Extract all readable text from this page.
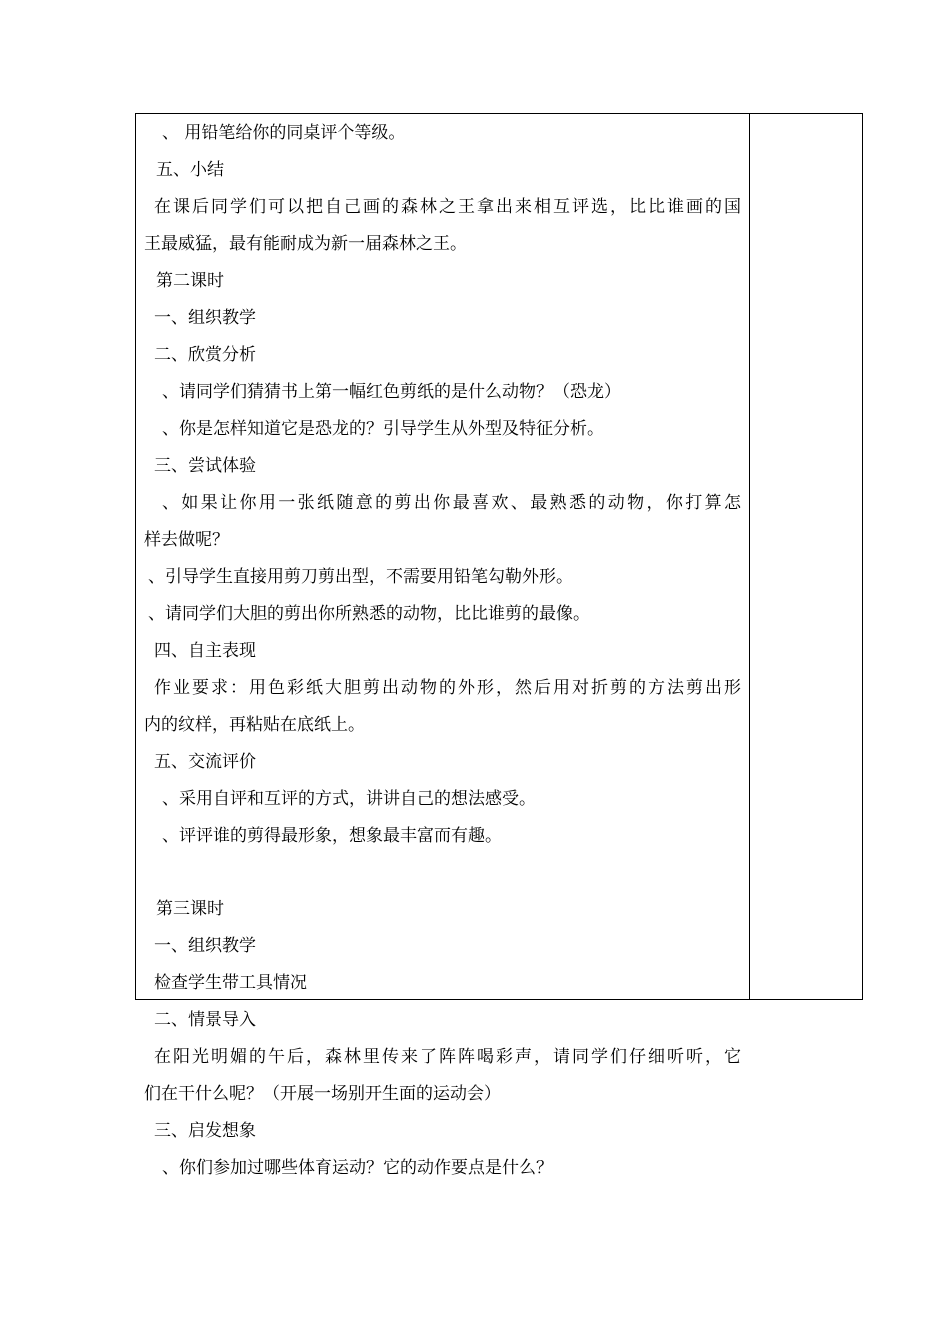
、 用铅笔给你的同桌评个等级。
五、小结
在课后同学们可以把自己画的森林之王拿出来相互评选，比比谁画的国
王最威猛，最有能耐成为新一届森林之王。
第二课时
一、组织教学
二、欣赏分析
、请同学们猜猜书上第一幅红色剪纸的是什么动物？（恐龙）
、你是怎样知道它是恐龙的？引导学生从外型及特征分析。
三、尝试体验
、如果让你用一张纸随意的剪出你最喜欢、最熟悉的动物，你打算怎
样去做呢？
、引导学生直接用剪刀剪出型，不需要用铅笔勾勒外形。
、请同学们大胆的剪出你所熟悉的动物，比比谁剪的最像。
四、自主表现
作业要求：用色彩纸大胆剪出动物的外形，然后用对折剪的方法剪出形
内的纹样，再粘贴在底纸上。
五、交流评价
、采用自评和互评的方式，讲讲自己的想法感受。
、评评谁的剪得最形象，想象最丰富而有趣。
第三课时
一、组织教学
检查学生带工具情况
二、情景导入
在阳光明媚的午后，森林里传来了阵阵喝彩声，请同学们仔细听听，它
们在干什么呢？（开展一场别开生面的运动会）
三、启发想象
、你们参加过哪些体育运动？它的动作要点是什么？
